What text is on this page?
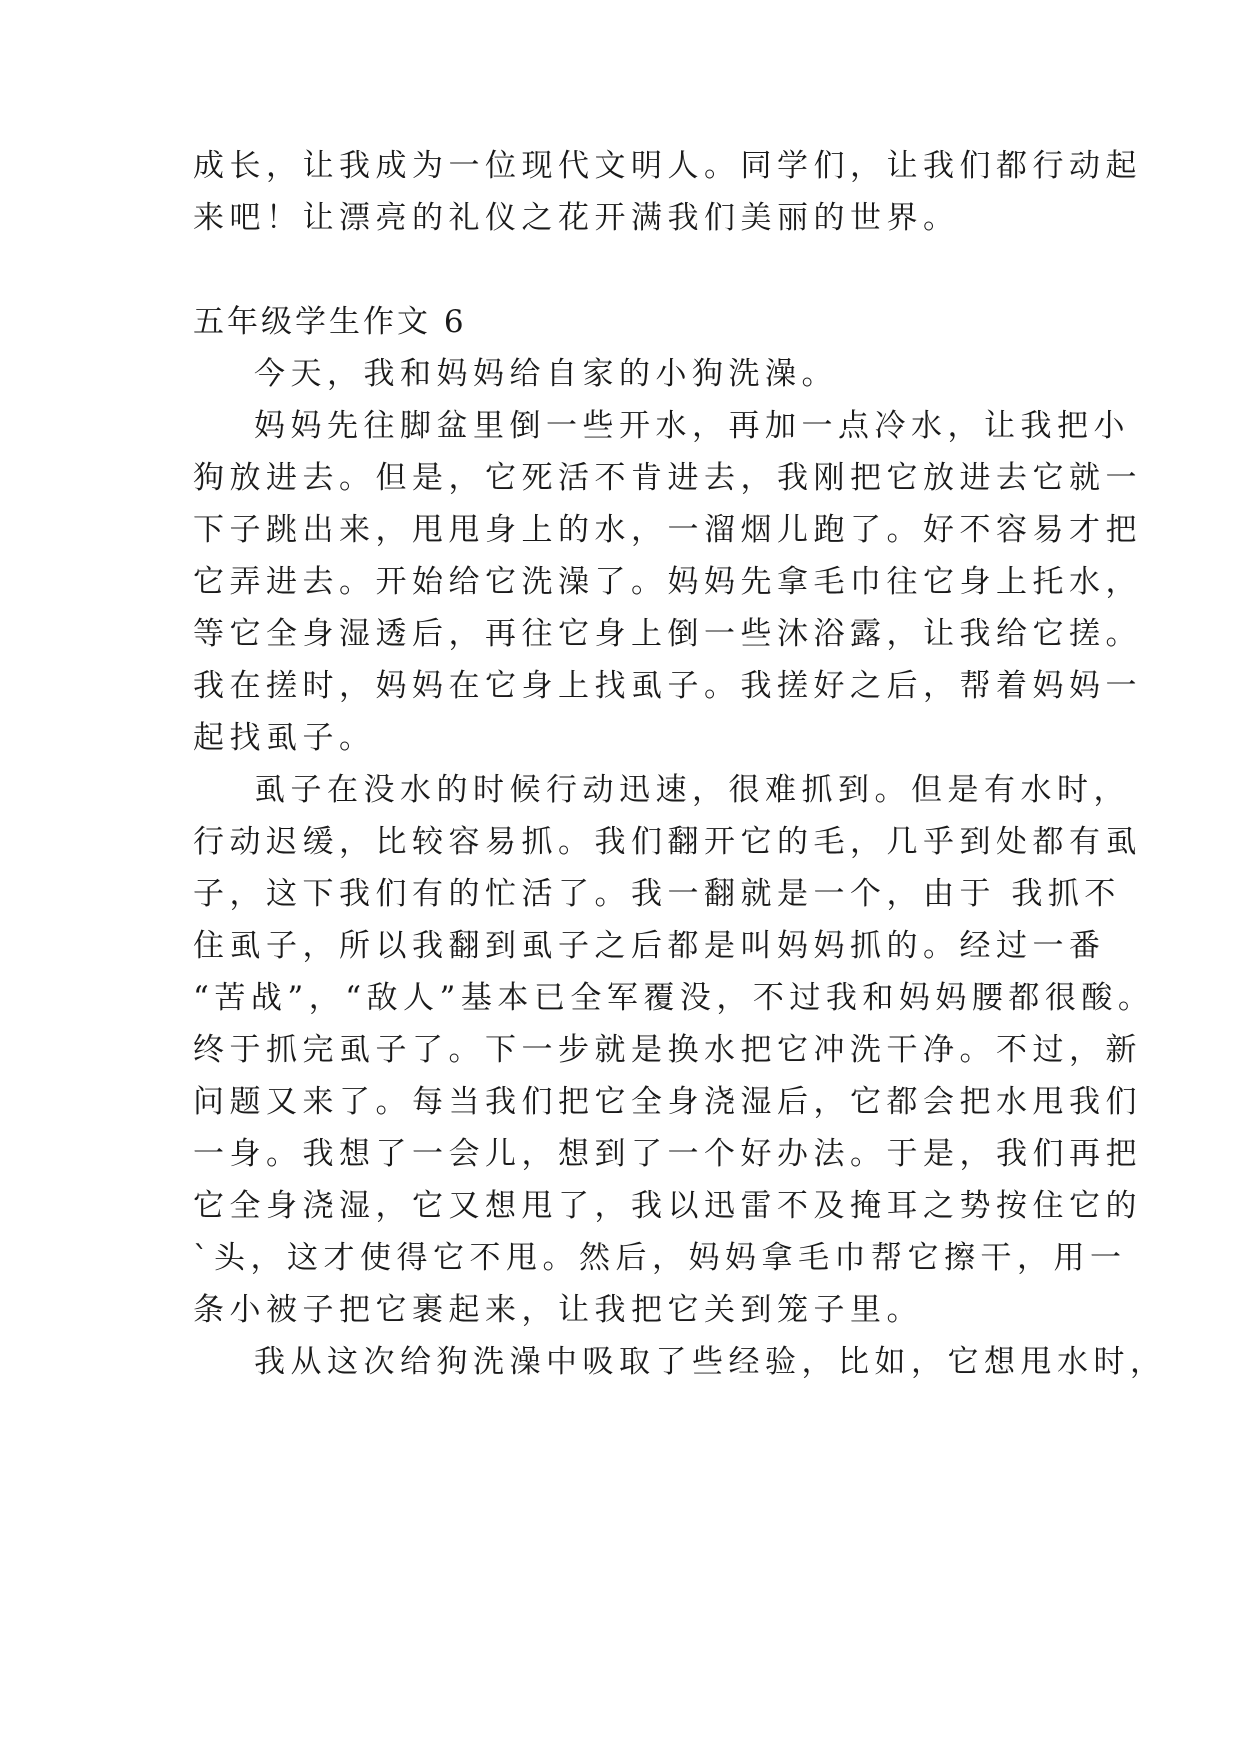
成长，让我成为一位现代文明人。同学们，让我们都行动起

来吧！让漂亮的礼仪之花开满我们美丽的世界。

五年级学生作文 6

今天，我和妈妈给自家的小狗洗澡。

妈妈先往脚盆里倒一些开水，再加一点冷水，让我把小

狗放进去。但是，它死活不肯进去，我刚把它放进去它就一

下子跳出来，甩甩身上的水，一溜烟儿跑了。好不容易才把

它弄进去。开始给它洗澡了。妈妈先拿毛巾往它身上托水，

等它全身湿透后，再往它身上倒一些沐浴露，让我给它搓。

我在搓时，妈妈在它身上找虱子。我搓好之后，帮着妈妈一

起找虱子。

虱子在没水的时候行动迅速，很难抓到。但是有水时，

行动迟缓，比较容易抓。我们翻开它的毛，几乎到处都有虱

子，这下我们有的忙活了。我一翻就是一个，由于 我抓不

住虱子，所以我翻到虱子之后都是叫妈妈抓的。经过一番

“苦战”，“敌人”基本已全军覆没，不过我和妈妈腰都很酸。

终于抓完虱子了。下一步就是换水把它冲洗干净。不过，新

问题又来了。每当我们把它全身浇湿后，它都会把水甩我们

一身。我想了一会儿，想到了一个好办法。于是，我们再把

它全身浇湿，它又想甩了，我以迅雷不及掩耳之势按住它的

`头，这才使得它不甩。然后，妈妈拿毛巾帮它擦干，用一

条小被子把它裹起来，让我把它关到笼子里。

我从这次给狗洗澡中吸取了些经验，比如，它想甩水时，
